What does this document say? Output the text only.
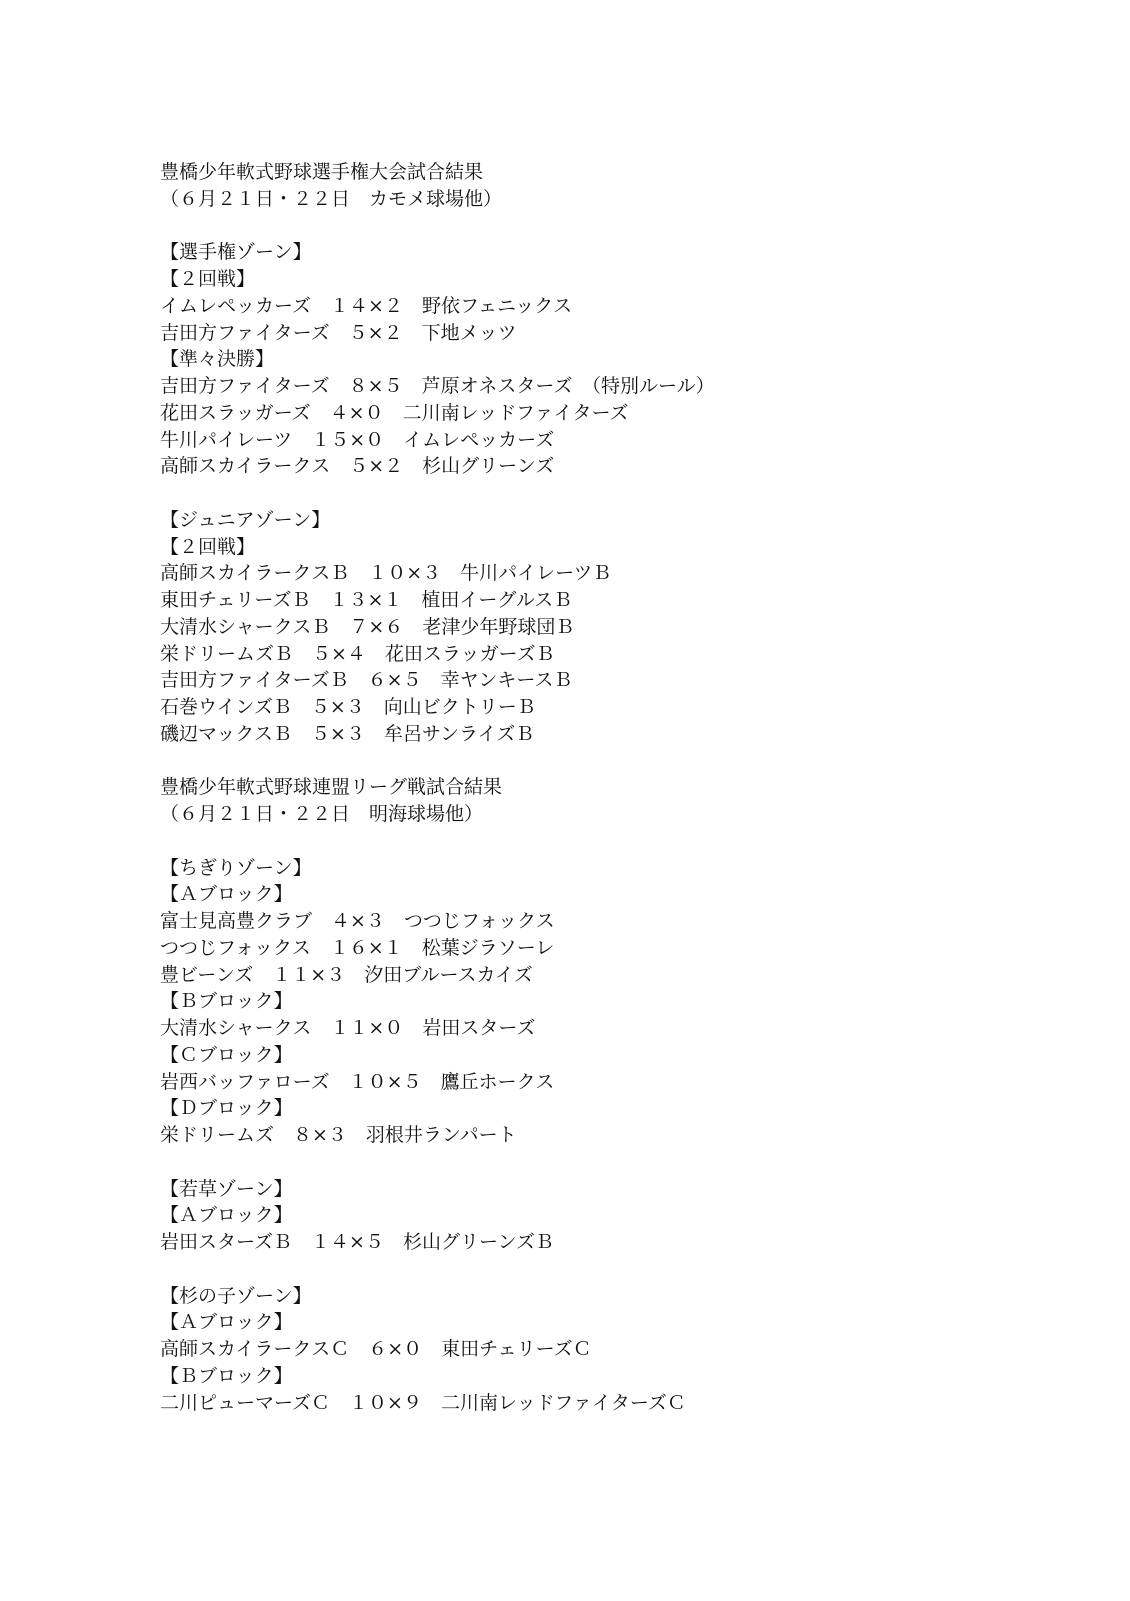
豊橋少年軟式野球選手権大会試合結果
（６月２１日・２２日　カモメ球場他）
【選手権ゾーン】
【２回戦】
イムレペッカーズ　１４×２　野依フェニックス
吉田方ファイターズ　５×２　下地メッツ
【準々決勝】
吉田方ファイターズ　８×５　芦原オネスターズ　（特別ルール）
花田スラッガーズ　４×０　二川南レッドファイターズ
牛川パイレーツ　１５×０　イムレペッカーズ
高師スカイラークス　５×２　杉山グリーンズ
【ジュニアゾーン】
【２回戦】
高師スカイラークスＢ　１０×３　牛川パイレーツＢ
東田チェリーズＢ　１３×１　植田イーグルスＢ
大清水シャークスＢ　７×６　老津少年野球団Ｂ
栄ドリームズＢ　５×４　花田スラッガーズＢ
吉田方ファイターズＢ　６×５　幸ヤンキースＢ
石巻ウインズＢ　５×３　向山ビクトリーＢ
磯辺マックスＢ　５×３　牟呂サンライズＢ
豊橋少年軟式野球連盟リーグ戦試合結果
（６月２１日・２２日　明海球場他）
【ちぎりゾーン】
【Ａブロック】
富士見高豊クラブ　４×３　つつじフォックス
つつじフォックス　１６×１　松葉ジラソーレ
豊ビーンズ　１１×３　汐田ブルースカイズ
【Ｂブロック】
大清水シャークス　１１×０　岩田スターズ
【Ｃブロック】
岩西バッファローズ　１０×５　鷹丘ホークス
【Ｄブロック】
栄ドリームズ　８×３　羽根井ランパート
【若草ゾーン】
【Ａブロック】
岩田スターズＢ　１４×５　杉山グリーンズＢ
【杉の子ゾーン】
【Ａブロック】
高師スカイラークスＣ　６×０　東田チェリーズＣ
【Ｂブロック】
二川ピューマーズＣ　１０×９　二川南レッドファイターズＣ
